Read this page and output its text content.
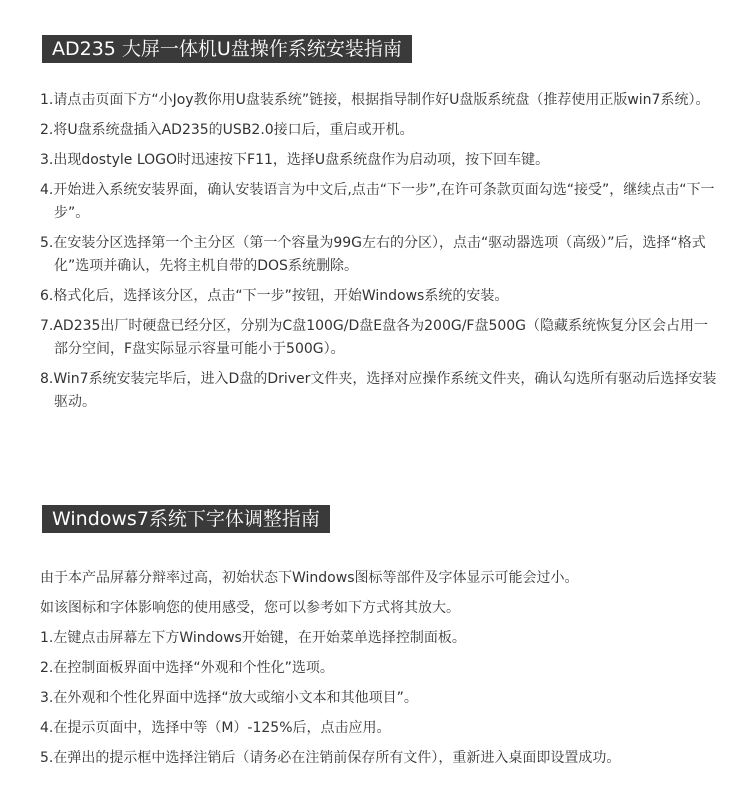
AD235 大屏一体机U盘操作系统安装指南
1.请点击页面下方“小Joy教你用U盘装系统”链接，根据指导制作好U盘版系统盘（推荐使用正版win7系统）。
2.将U盘系统盘插入AD235的USB2.0接口后，重启或开机。
3.出现dostyle LOGO时迅速按下F11，选择U盘系统盘作为启动项，按下回车键。
4.开始进入系统安装界面，确认安装语言为中文后,点击“下一步”,在许可条款页面勾选“接受”，继续点击“下一步”。
5.在安装分区选择第一个主分区（第一个容量为99G左右的分区），点击“驱动器选项（高级）”后，选择“格式化”选项并确认，先将主机自带的DOS系统删除。
6.格式化后，选择该分区，点击“下一步”按钮，开始Windows系统的安装。
7.AD235出厂时硬盘已经分区，分别为C盘100G/D盘E盘各为200G/F盘500G（隐藏系统恢复分区会占用一部分空间，F盘实际显示容量可能小于500G）。
8.Win7系统安装完毕后，进入D盘的Driver文件夹，选择对应操作系统文件夹，确认勾选所有驱动后选择安装驱动。
Windows7系统下字体调整指南
由于本产品屏幕分辩率过高，初始状态下Windows图标等部件及字体显示可能会过小。
如该图标和字体影响您的使用感受，您可以参考如下方式将其放大。
1.左键点击屏幕左下方Windows开始键，在开始菜单选择控制面板。
2.在控制面板界面中选择“外观和个性化”选项。
3.在外观和个性化界面中选择“放大或缩小文本和其他项目”。
4.在提示页面中，选择中等（M）-125%后，点击应用。
5.在弹出的提示框中选择注销后（请务必在注销前保存所有文件），重新进入桌面即设置成功。
